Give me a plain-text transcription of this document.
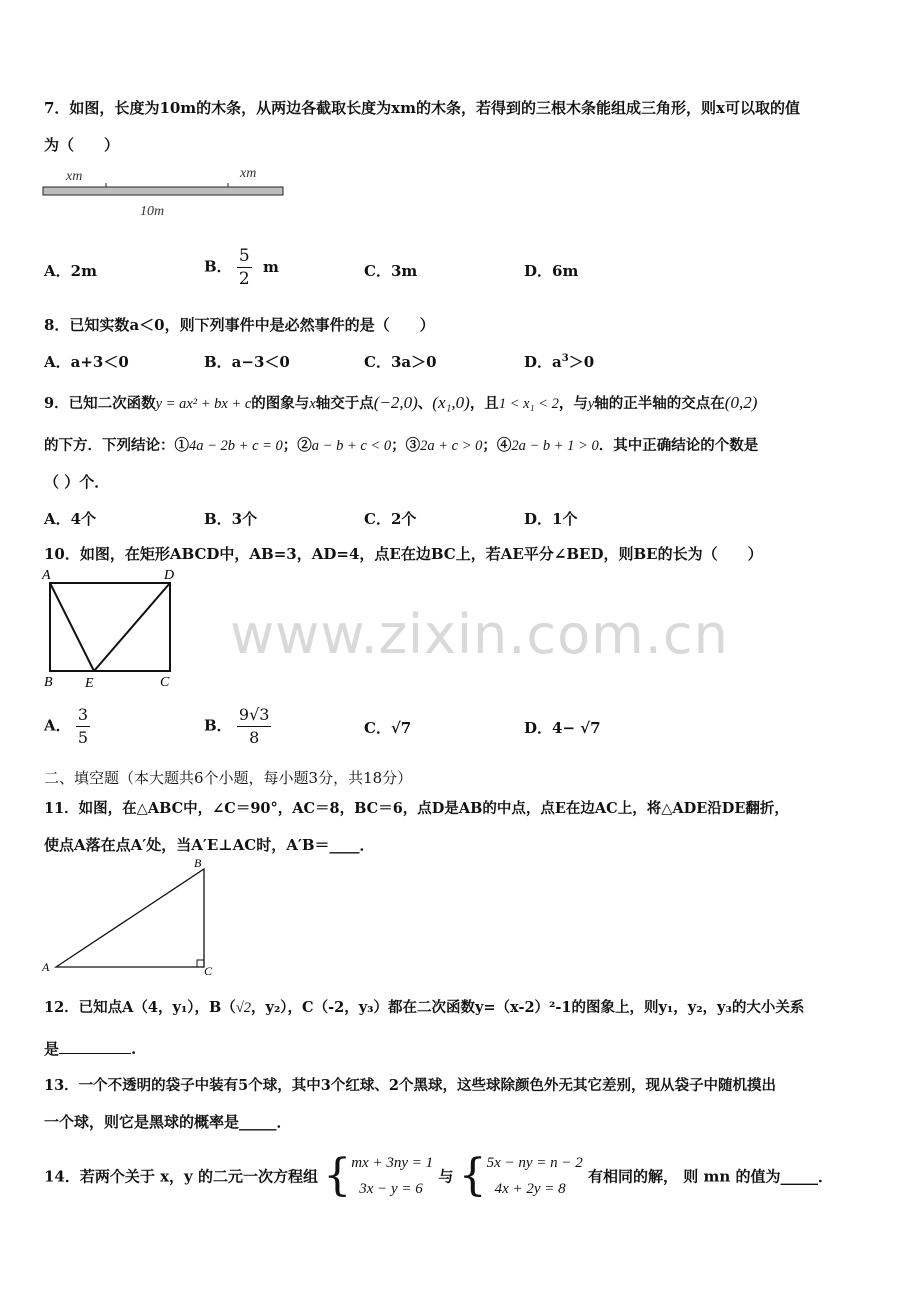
www.zixin.com.cn
7．如图，长度为10m的木条，从两边各截取长度为xm的木条，若得到的三根木条能组成三角形，则x可以取的值
为（　　）
xm	xm
10m
A．2m	B． $\frac{5}{2}$ m	C．3m	D．6m
8．已知实数a＜0，则下列事件中是必然事件的是（　　）
A．a+3＜0	B．a−3＜0	C．3a＞0	D．$a^3>0$
9．已知二次函数y = ax² + bx + c的图象与x轴交于点(−2,0)、(x₁,0)，且1 < x₁ < 2，与y轴的正半轴的交点在(0,2)
的下方．下列结论：①4a − 2b + c = 0；②a − b + c < 0；③2a + c > 0；④2a − b + 1 > 0．其中正确结论的个数是
（ ）个．
A．4个	B．3个	C．2个	D．1个
10．如图，在矩形ABCD中，AB=3，AD=4，点E在边BC上，若AE平分∠BED，则BE的长为（　　）
A	D
B E	C
A． $\frac{3}{5}$	B． $\frac{9√3}{8}$	C．√7	D．4− √7
二、填空题（本大题共6个小题，每小题3分，共18分）
11．如图，在△ABC中，∠C＝90°，AC＝8，BC＝6，点D是AB的中点，点E在边AC上，将△ADE沿DE翻折，
使点A落在点A′处，当A′E⊥AC时，A′B＝____．
A
B
C
12．已知点A（4，y₁），B（√2，y₂），C（-2，y₃）都在二次函数y=（x-2）²-1的图象上，则y₁，y₂，y₃的大小关系
是	.
13．一个不透明的袋子中装有5个球，其中3个红球、2个黑球，这些球除颜色外无其它差别，现从袋子中随机摸出
一个球，则它是黑球的概率是_____．
14．若两个关于 x，y 的二元一次方程组 { mx + 3ny = 1
3x − y = 6
与 { 5x − ny = n − 2
4x + 2y = 8
有相同的解， 则 mn 的值为_____．
